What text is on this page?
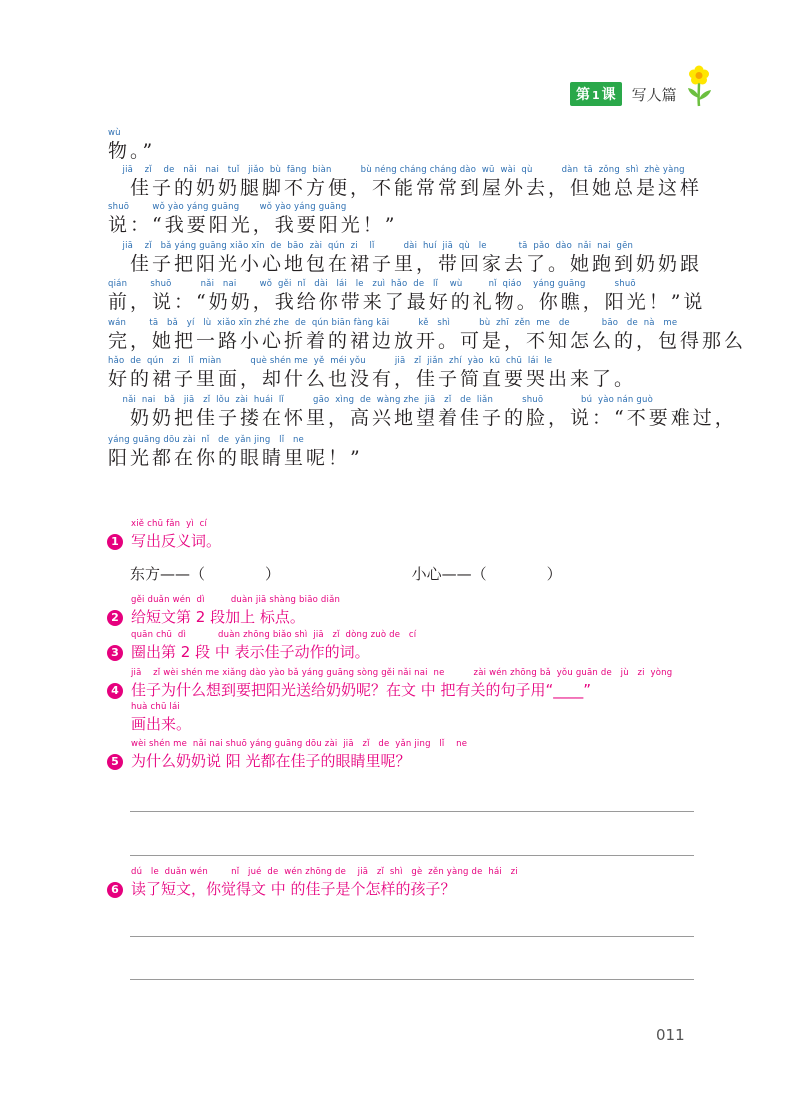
第 1 课	写人篇
wù
物。”
jiā    zǐ    de   nǎi   nai   tuǐ   jiǎo  bù  fāng  biàn          bù néng cháng cháng dào  wū  wài  qù          dàn  tā  zǒng  shì  zhè yàng
　佳子的奶奶腿脚不方便，不能常常到屋外去，但她总是这样
shuō        wǒ yào yáng guāng       wǒ yào yáng guāng
说：“我要阳光，我要阳光！”
jiā    zǐ   bǎ yáng guāng xiǎo xīn  de  bāo  zài  qún  zi    lǐ          dài  huí  jiā  qù   le           tā  pǎo  dào  nǎi  nai  gēn
　佳子把阳光小心地包在裙子里，带回家去了。她跑到奶奶跟
qián        shuō          nǎi   nai        wǒ  gěi  nǐ   dài   lái   le   zuì  hǎo  de   lǐ    wù         nǐ  qiáo    yáng guāng          shuō
前，说：“奶奶，我给你带来了最好的礼物。你瞧，阳光！”说
wán        tā   bǎ   yí   lù  xiǎo xīn zhé zhe  de  qún biān fàng kāi          kě   shì          bù  zhī  zěn  me   de           bāo   de  nà   me
完，她把一路小心折着的裙边放开。可是，不知怎么的，包得那么
hǎo  de  qún   zi   lǐ  miàn          què shén me  yě  méi yǒu          jiā   zǐ  jiǎn  zhí  yào  kū  chū  lái  le
好的裙子里面，却什么也没有，佳子简直要哭出来了。
nǎi  nai   bǎ   jiā   zǐ  lǒu  zài  huái  lǐ          gāo  xìng  de  wàng zhe  jiā   zǐ   de  liǎn          shuō             bú  yào nán guò
　奶奶把佳子搂在怀里，高兴地望着佳子的脸，说：“不要难过，
yáng guāng dōu zài  nǐ   de  yǎn jing   lǐ   ne
阳光都在你的眼睛里呢！”
xiě chū fǎn  yì  cí
1 写出反义词。
东方——（　　　　）	小心——（　　　　）
gěi duǎn wén  dì         duàn jiā shàng biāo diǎn
2 给短文第 2 段加上 标点。
quān chū  dì           duàn zhōng biǎo shì  jiā   zǐ  dòng zuò de   cí
3 圈出第 2 段 中 表示佳子动作的词。
jiā    zǐ wèi shén me xiǎng dào yào bǎ yáng guāng sòng gěi nǎi nai  ne          zài wén zhōng bǎ  yǒu guān de   jù   zi  yòng
4 佳子为什么想到要把阳光送给奶奶呢？在文 中 把有关的句子用“____”
huà chū lái
画出来。
wèi shén me  nǎi nai shuō yáng guāng dōu zài  jiā   zǐ   de  yǎn jing   lǐ    ne
5 为什么奶奶说 阳 光都在佳子的眼睛里呢？
dú   le  duǎn wén        nǐ   jué  de  wén zhōng de    jiā   zǐ  shì   gè  zěn yàng de  hái   zi
6 读了短文，你觉得文 中 的佳子是个怎样的孩子？
011
